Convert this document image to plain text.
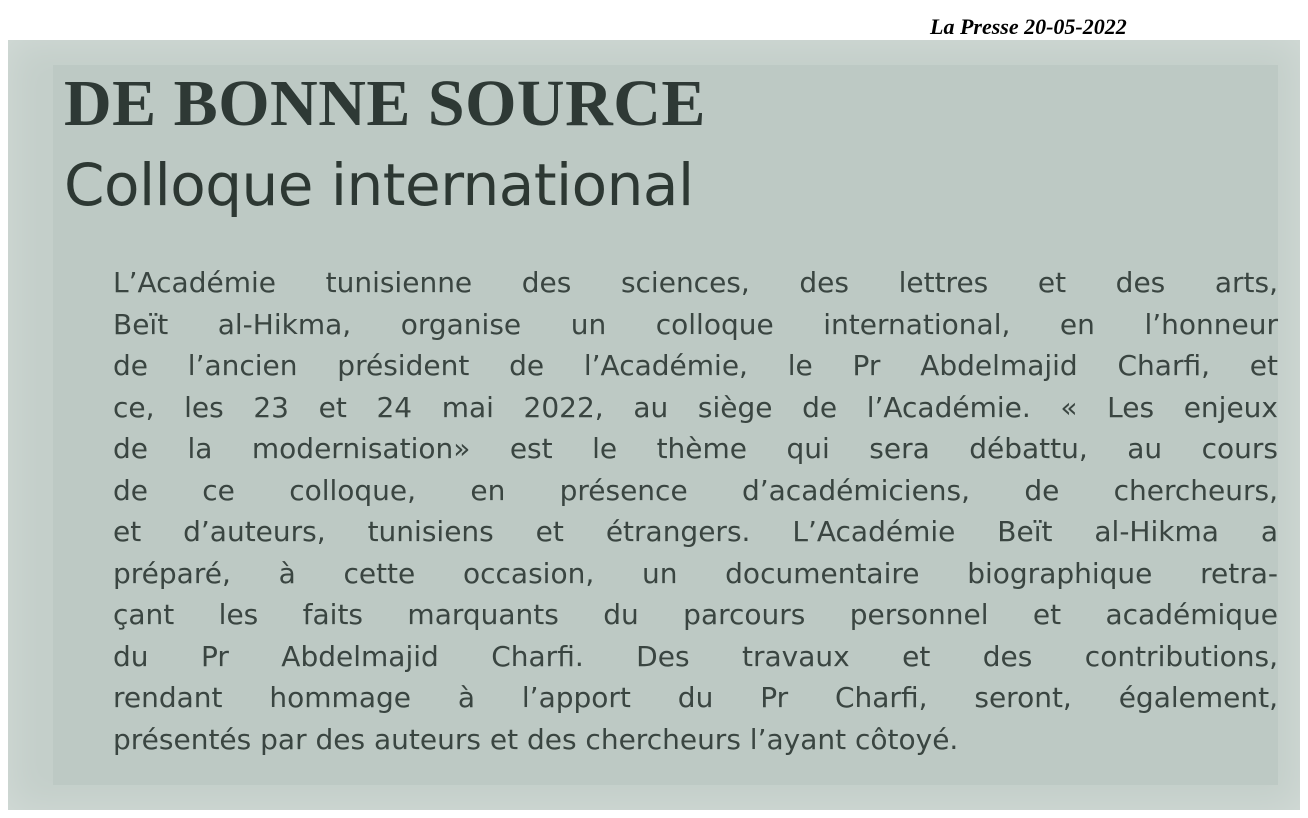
La Presse 20-05-2022
DE BONNE SOURCE
Colloque international
L’Académie tunisienne des sciences, des lettres et des arts,
Beït al-Hikma, organise un colloque international, en l’honneur
de l’ancien président de l’Académie, le Pr Abdelmajid Charfi, et
ce, les 23 et 24 mai 2022, au siège de l’Académie. « Les enjeux
de la modernisation» est le thème qui sera débattu, au cours
de ce colloque, en présence d’académiciens, de chercheurs,
et d’auteurs, tunisiens et étrangers. L’Académie Beït al-Hikma a
préparé, à cette occasion, un documentaire biographique retra-
çant les faits marquants du parcours personnel et académique
du Pr Abdelmajid Charfi. Des travaux et des contributions,
rendant hommage à l’apport du Pr Charfi, seront, également,
présentés par des auteurs et des chercheurs l’ayant côtoyé.
